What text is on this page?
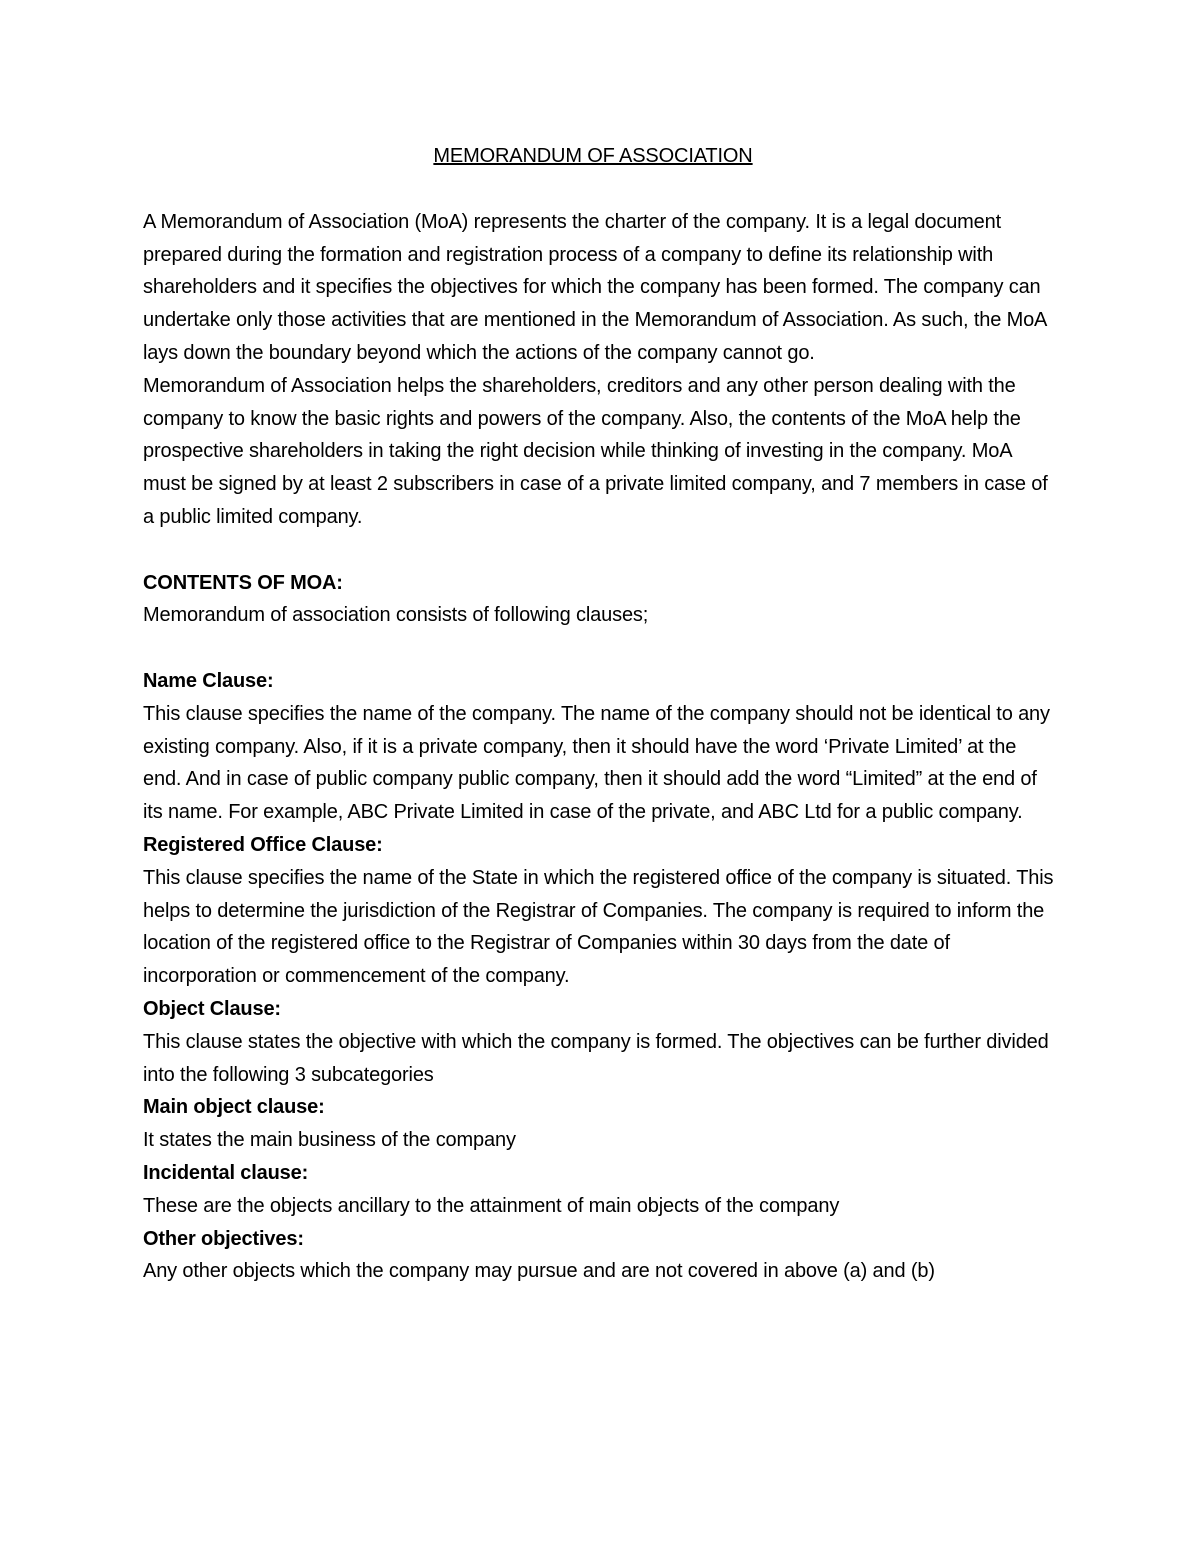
MEMORANDUM OF ASSOCIATION

A Memorandum of Association (MoA) represents the charter of the company. It is a legal document prepared during the formation and registration process of a company to define its relationship with shareholders and it specifies the objectives for which the company has been formed. The company can undertake only those activities that are mentioned in the Memorandum of Association. As such, the MoA lays down the boundary beyond which the actions of the company cannot go.

Memorandum of Association helps the shareholders, creditors and any other person dealing with the company to know the basic rights and powers of the company. Also, the contents of the MoA help the prospective shareholders in taking the right decision while thinking of investing in the company. MoA must be signed by at least 2 subscribers in case of a private limited company, and 7 members in case of a public limited company.

CONTENTS OF MOA:

Memorandum of association consists of following clauses;

Name Clause:

This clause specifies the name of the company. The name of the company should not be identical to any existing company. Also, if it is a private company, then it should have the word ‘Private Limited’ at the end. And in case of public company public company, then it should add the word “Limited” at the end of its name. For example, ABC Private Limited in case of the private, and ABC Ltd for a public company.

Registered Office Clause:

This clause specifies the name of the State in which the registered office of the company is situated. This helps to determine the jurisdiction of the Registrar of Companies. The company is required to inform the location of the registered office to the Registrar of Companies within 30 days from the date of incorporation or commencement of the company.

Object Clause:

This clause states the objective with which the company is formed. The objectives can be further divided into the following 3 subcategories

Main object clause:

It states the main business of the company

Incidental clause:

These are the objects ancillary to the attainment of main objects of the company

Other objectives:

Any other objects which the company may pursue and are not covered in above (a) and (b)
